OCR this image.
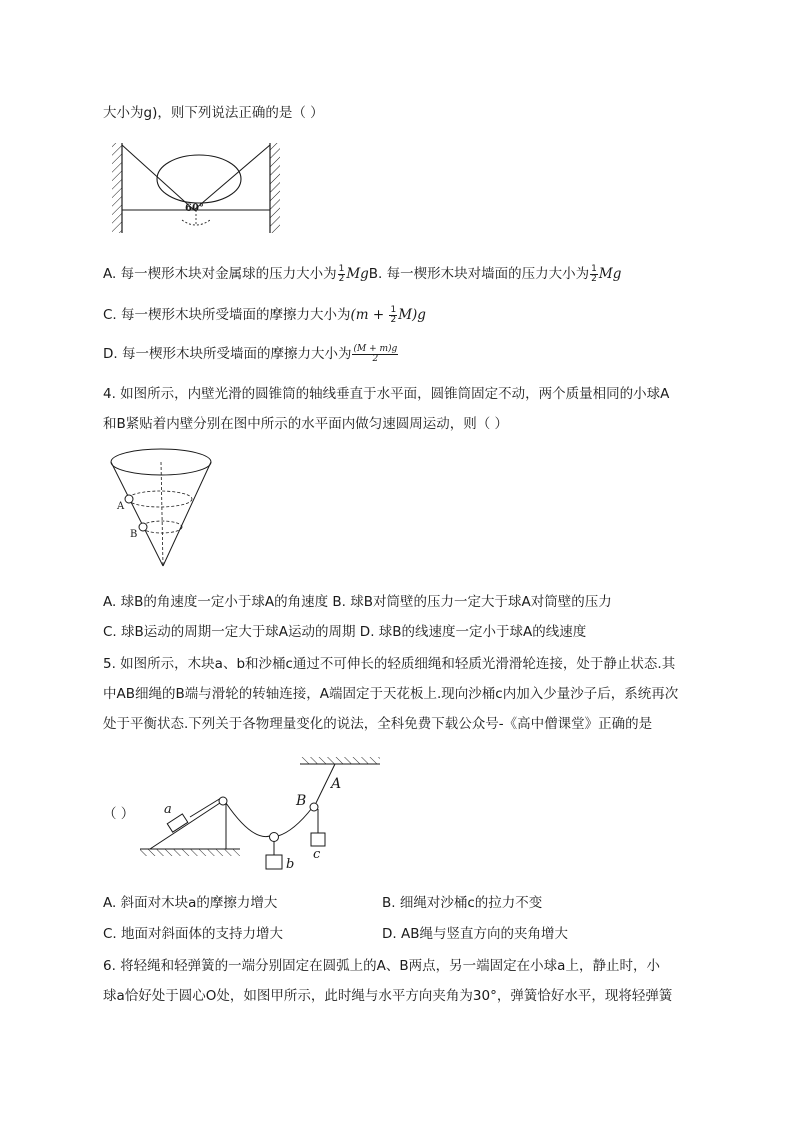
大小为g)，则下列说法正确的是（ ）
60°
A. 每一楔形木块对金属球的压力大小为 $\frac{1}{2}$ MgB. 每一楔形木块对墙面的压力大小为 $\frac{1}{2}$ Mg
C. 每一楔形木块所受墙面的摩擦力大小为$(m + \frac{1}{2} M)g$
D. 每一楔形木块所受墙面的摩擦力大小为 $\frac{(M + m)g}{2}$
4. 如图所示，内壁光滑的圆锥筒的轴线垂直于水平面，圆锥筒固定不动，两个质量相同的小球A
和B紧贴着内壁分别在图中所示的水平面内做匀速圆周运动，则（ ）
A
B
A. 球B的角速度一定小于球A的角速度 B. 球B对筒壁的压力一定大于球A对筒壁的压力
C. 球B运动的周期一定大于球A运动的周期 D. 球B的线速度一定小于球A的线速度
5. 如图所示，木块a、b和沙桶c通过不可伸长的轻质细绳和轻质光滑滑轮连接，处于静止状态.其
中AB细绳的B端与滑轮的转轴连接，A端固定于天花板上.现向沙桶c内加入少量沙子后，系统再次
处于平衡状态.下列关于各物理量变化的说法，全科免费下载公众号-《高中僧课堂》正确的是
（ ） a
b
c
A
B
A. 斜面对木块a的摩擦力增大	B. 细绳对沙桶c的拉力不变
C. 地面对斜面体的支持力增大	D. AB绳与竖直方向的夹角增大
6. 将轻绳和轻弹簧的一端分别固定在圆弧上的A、B两点，另一端固定在小球a上，静止时，小
球a恰好处于圆心O处，如图甲所示，此时绳与水平方向夹角为30°，弹簧恰好水平，现将轻弹簧
